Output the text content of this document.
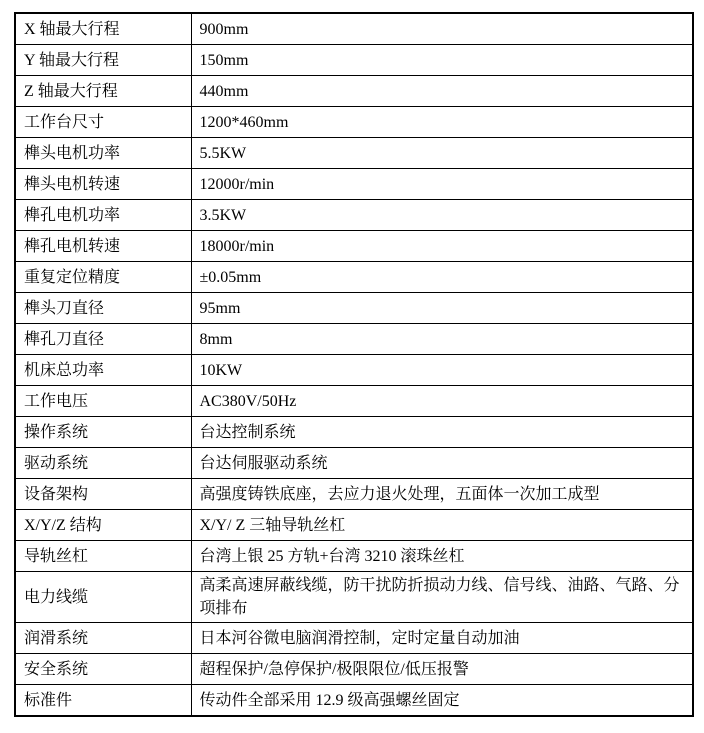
X 轴最大行程	900mm
Y 轴最大行程	150mm
Z 轴最大行程	440mm
工作台尺寸	1200*460mm
榫头电机功率	5.5KW
榫头电机转速	12000r/min
榫孔电机功率	3.5KW
榫孔电机转速	18000r/min
重复定位精度	±0.05mm
榫头刀直径	95mm
榫孔刀直径	8mm
机床总功率	10KW
工作电压	AC380V/50Hz
操作系统	台达控制系统
驱动系统	台达伺服驱动系统
设备架构	高强度铸铁底座，去应力退火处理，五面体一次加工成型
X/Y/Z 结构	X/Y/ Z 三轴导轨丝杠
导轨丝杠	台湾上银 25 方轨+台湾 3210 滚珠丝杠
电力线缆	高柔高速屏蔽线缆，防干扰防折损动力线、信号线、油路、气路、分项排布
润滑系统	日本河谷微电脑润滑控制，定时定量自动加油
安全系统	超程保护/急停保护/极限限位/低压报警
标准件	传动件全部采用 12.9 级高强螺丝固定
